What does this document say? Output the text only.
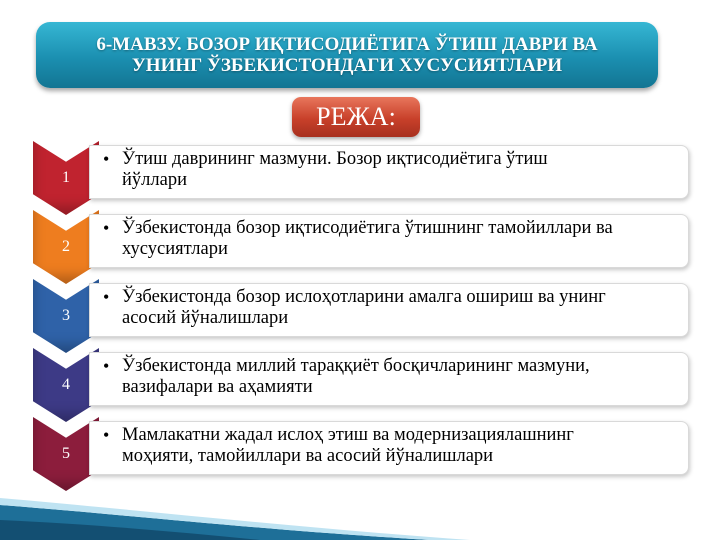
6-МАВЗУ. БОЗОР ИҚТИСОДИЁТИГА ЎТИШ ДАВРИ ВА
УНИНГ ЎЗБЕКИСТОНДАГИ ХУСУСИЯТЛАРИ
РЕЖА:
1
• Ўтиш даврининг мазмуни. Бозор иқтисодиётига ўтиш
йўллари
2
• Ўзбекистонда бозор иқтисодиётига ўтишнинг тамойиллари ва
хусусиятлари
3
• Ўзбекистонда бозор ислоҳотларини амалга ошириш ва унинг
асосий йўналишлари
4
• Ўзбекистонда миллий тараққиёт босқичларининг мазмуни,
вазифалари ва аҳамияти
5
• Мамлакатни жадал ислоҳ этиш ва модернизациялашнинг
моҳияти, тамойиллари ва асосий йўналишлари
